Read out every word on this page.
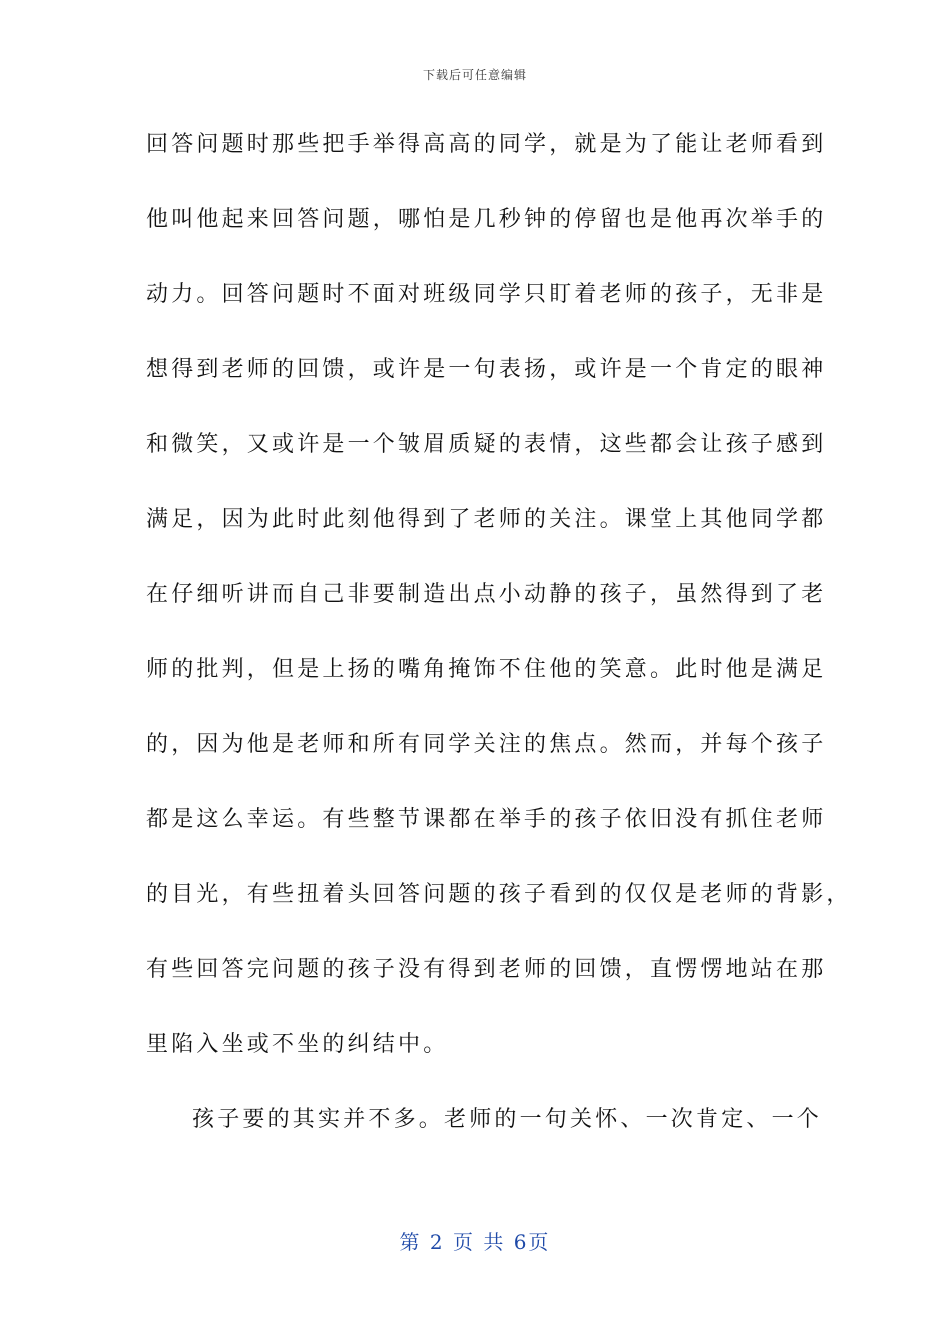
下载后可任意编辑
回答问题时那些把手举得高高的同学，就是为了能让老师看到
他叫他起来回答问题，哪怕是几秒钟的停留也是他再次举手的
动力。回答问题时不面对班级同学只盯着老师的孩子，无非是
想得到老师的回馈，或许是一句表扬，或许是一个肯定的眼神
和微笑，又或许是一个皱眉质疑的表情，这些都会让孩子感到
满足，因为此时此刻他得到了老师的关注。课堂上其他同学都
在仔细听讲而自己非要制造出点小动静的孩子，虽然得到了老
师的批判，但是上扬的嘴角掩饰不住他的笑意。此时他是满足
的，因为他是老师和所有同学关注的焦点。然而，并每个孩子
都是这么幸运。有些整节课都在举手的孩子依旧没有抓住老师
的目光，有些扭着头回答问题的孩子看到的仅仅是老师的背影，
有些回答完问题的孩子没有得到老师的回馈，直愣愣地站在那
里陷入坐或不坐的纠结中。
孩子要的其实并不多。老师的一句关怀、一次肯定、一个
第 2 页 共 6页
